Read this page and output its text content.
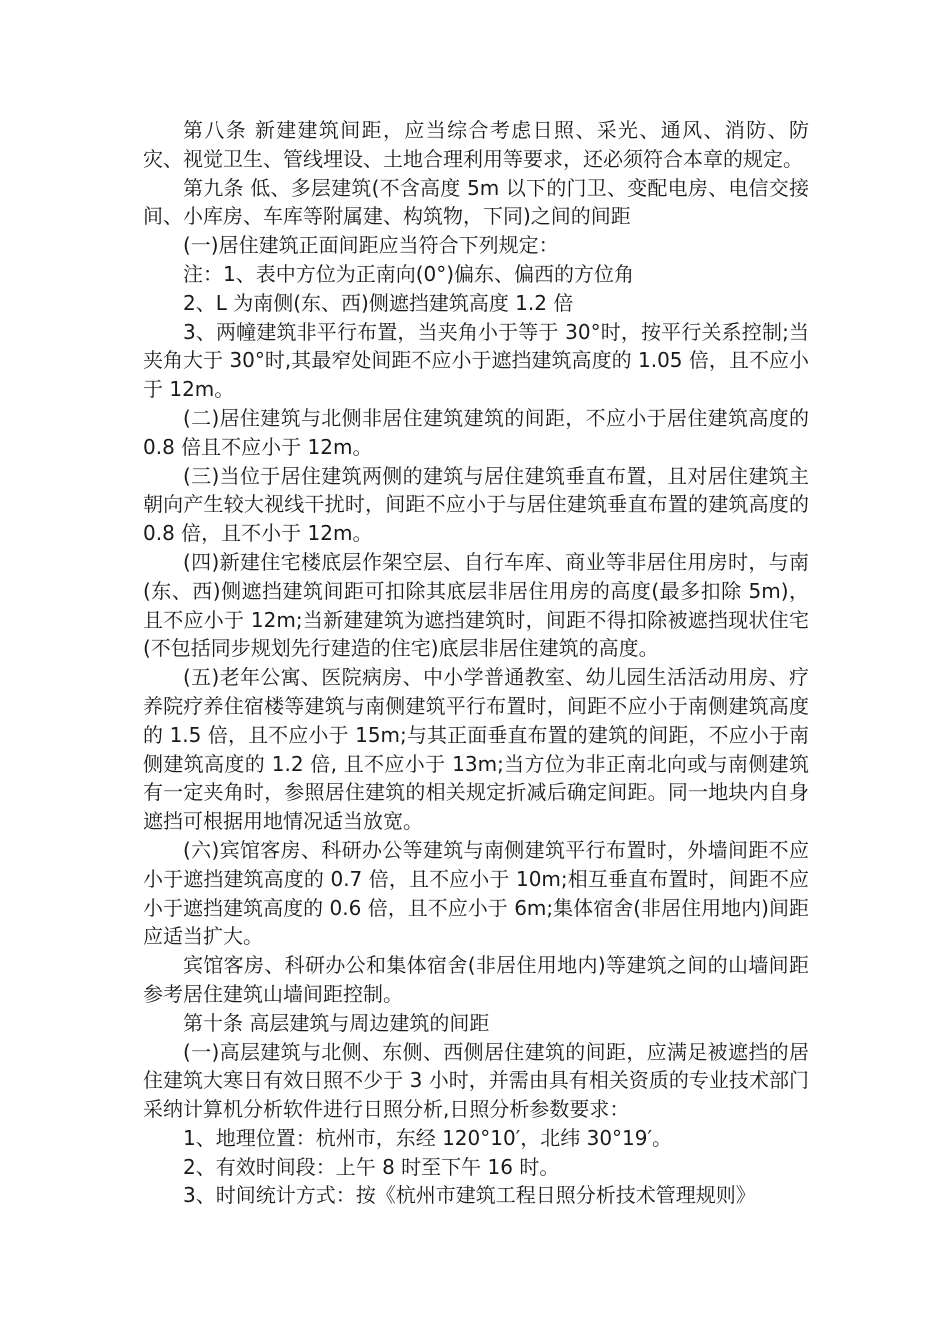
第八条 新建建筑间距，应当综合考虑日照、采光、通风、消防、防灾、视觉卫生、管线埋设、土地合理利用等要求，还必须符合本章的规定。

第九条 低、多层建筑(不含高度 5m 以下的门卫、变配电房、电信交接间、小库房、车库等附属建、构筑物，下同)之间的间距

(一)居住建筑正面间距应当符合下列规定：

注：1、表中方位为正南向(0°)偏东、偏西的方位角

2、L 为南侧(东、西)侧遮挡建筑高度 1.2 倍

3、两幢建筑非平行布置，当夹角小于等于 30°时，按平行关系控制;当夹角大于 30°时,其最窄处间距不应小于遮挡建筑高度的 1.05 倍，且不应小于 12m。

(二)居住建筑与北侧非居住建筑建筑的间距，不应小于居住建筑高度的 0.8 倍且不应小于 12m。

(三)当位于居住建筑两侧的建筑与居住建筑垂直布置，且对居住建筑主朝向产生较大视线干扰时，间距不应小于与居住建筑垂直布置的建筑高度的 0.8 倍，且不小于 12m。

(四)新建住宅楼底层作架空层、自行车库、商业等非居住用房时，与南(东、西)侧遮挡建筑间距可扣除其底层非居住用房的高度(最多扣除 5m)，且不应小于 12m;当新建建筑为遮挡建筑时，间距不得扣除被遮挡现状住宅(不包括同步规划先行建造的住宅)底层非居住建筑的高度。

(五)老年公寓、医院病房、中小学普通教室、幼儿园生活活动用房、疗养院疗养住宿楼等建筑与南侧建筑平行布置时，间距不应小于南侧建筑高度的 1.5 倍，且不应小于 15m;与其正面垂直布置的建筑的间距，不应小于南侧建筑高度的 1.2 倍, 且不应小于 13m;当方位为非正南北向或与南侧建筑有一定夹角时，参照居住建筑的相关规定折减后确定间距。同一地块内自身遮挡可根据用地情况适当放宽。

(六)宾馆客房、科研办公等建筑与南侧建筑平行布置时，外墙间距不应小于遮挡建筑高度的 0.7 倍，且不应小于 10m;相互垂直布置时，间距不应小于遮挡建筑高度的 0.6 倍，且不应小于 6m;集体宿舍(非居住用地内)间距应适当扩大。

宾馆客房、科研办公和集体宿舍(非居住用地内)等建筑之间的山墙间距参考居住建筑山墙间距控制。

第十条 高层建筑与周边建筑的间距

(一)高层建筑与北侧、东侧、西侧居住建筑的间距，应满足被遮挡的居住建筑大寒日有效日照不少于 3 小时，并需由具有相关资质的专业技术部门采纳计算机分析软件进行日照分析,日照分析参数要求：

1、地理位置：杭州市，东经 120°10′，北纬 30°19′。

2、有效时间段：上午 8 时至下午 16 时。

3、时间统计方式：按《杭州市建筑工程日照分析技术管理规则》
